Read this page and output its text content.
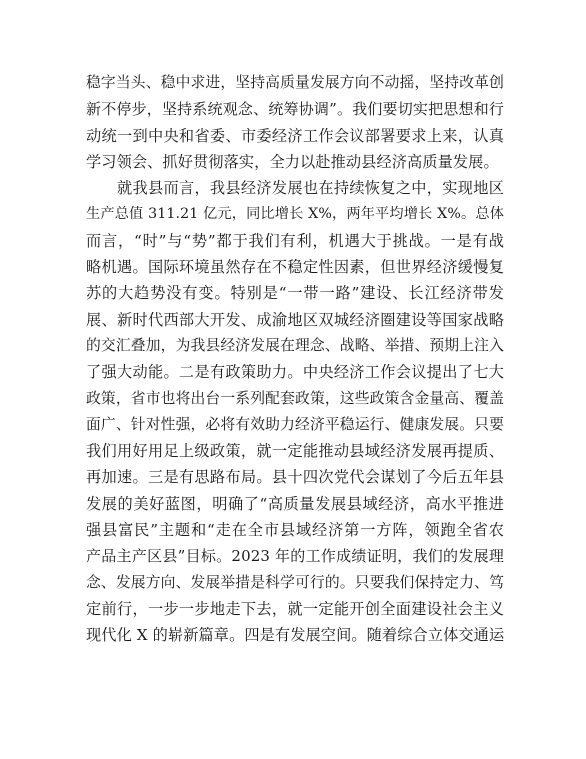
稳字当头、稳中求进，坚持高质量发展方向不动摇，坚持改革创
新不停步，坚持系统观念、统筹协调”。我们要切实把思想和行
动统一到中央和省委、市委经济工作会议部署要求上来，认真
学习领会、抓好贯彻落实，全力以赴推动县经济高质量发展。
就我县而言，我县经济发展也在持续恢复之中，实现地区
生产总值 311.21 亿元，同比增长 X%，两年平均增长 X%。总体
而言，“时”与“势”都于我们有利，机遇大于挑战。一是有战
略机遇。国际环境虽然存在不稳定性因素，但世界经济缓慢复
苏的大趋势没有变。特别是“一带一路”建设、长江经济带发
展、新时代西部大开发、成渝地区双城经济圈建设等国家战略
的交汇叠加，为我县经济发展在理念、战略、举措、预期上注入
了强大动能。二是有政策助力。中央经济工作会议提出了七大
政策，省市也将出台一系列配套政策，这些政策含金量高、覆盖
面广、针对性强，必将有效助力经济平稳运行、健康发展。只要
我们用好用足上级政策，就一定能推动县域经济发展再提质、
再加速。三是有思路布局。县十四次党代会谋划了今后五年县
发展的美好蓝图，明确了“高质量发展县域经济，高水平推进
强县富民”主题和“走在全市县域经济第一方阵，领跑全省农
产品主产区县”目标。2023 年的工作成绩证明，我们的发展理
念、发展方向、发展举措是科学可行的。只要我们保持定力、笃
定前行，一步一步地走下去，就一定能开创全面建设社会主义
现代化 X 的崭新篇章。四是有发展空间。随着综合立体交通运
